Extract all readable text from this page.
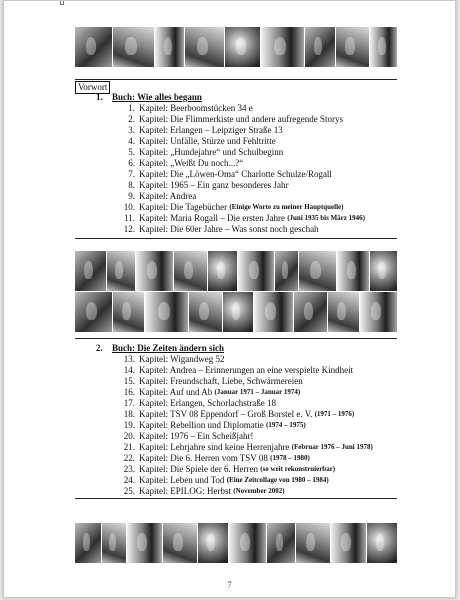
Vorwort
1. Buch: Wie alles begann
1. Kapitel: Beerboomstücken 34 e
2. Kapitel: Die Flimmerkiste und andere aufregende Storys
3. Kapitel: Erlangen – Leipziger Straße 13
4. Kapitel: Unfälle, Stürze und Fehltritte
5. Kapitel: „Hundejahre“ und Schulbeginn
6. Kapitel: „Weißt Du noch...?“
7. Kapitel: Die „Löwen-Oma“ Charlotte Schulze/Rogall
8. Kapitel: 1965 – Ein ganz besonderes Jahr
9. Kapitel: Andrea
10. Kapitel: Die Tagebücher
(Einige Worte zu meiner Hauptquelle)
11. Kapitel: Maria Rogall – Die ersten Jahre
(Juni 1935 bis März 1946)
12. Kapitel: Die 60er Jahre – Was sonst noch geschah
2. Buch: Die Zeiten ändern sich
13. Kapitel: Wigandweg 52
14. Kapitel: Andrea – Erinnerungen an eine verspielte Kindheit
15. Kapitel: Freundschaft, Liebe, Schwärmereien
16. Kapitel: Auf und Ab
(Januar 1971 – Januar 1974)
17. Kapitel: Erlangen, Schorlachstraße 18
18. Kapitel: TSV 08 Eppendorf – Groß Borstel e. V.
(1971 – 1976)
19. Kapitel: Rebellion und Diplomatie
(1974 – 1975)
20. Kapitel: 1976 – Ein Scheißjahr!
21. Kapitel: Lehrjahre sind keine Herrenjahre
(Februar 1976 – Juni 1978)
22. Kapitel: Die 6. Herren vom TSV 08
(1978 – 1980)
23. Kapitel: Die Spiele der 6. Herren
(so weit rekonstruierbar)
24. Kapitel: Leben und Tod
(Eine Zeitcollage von 1980 – 1984)
25. Kapitel: EPILOG: Herbst
(November 2002)
7
